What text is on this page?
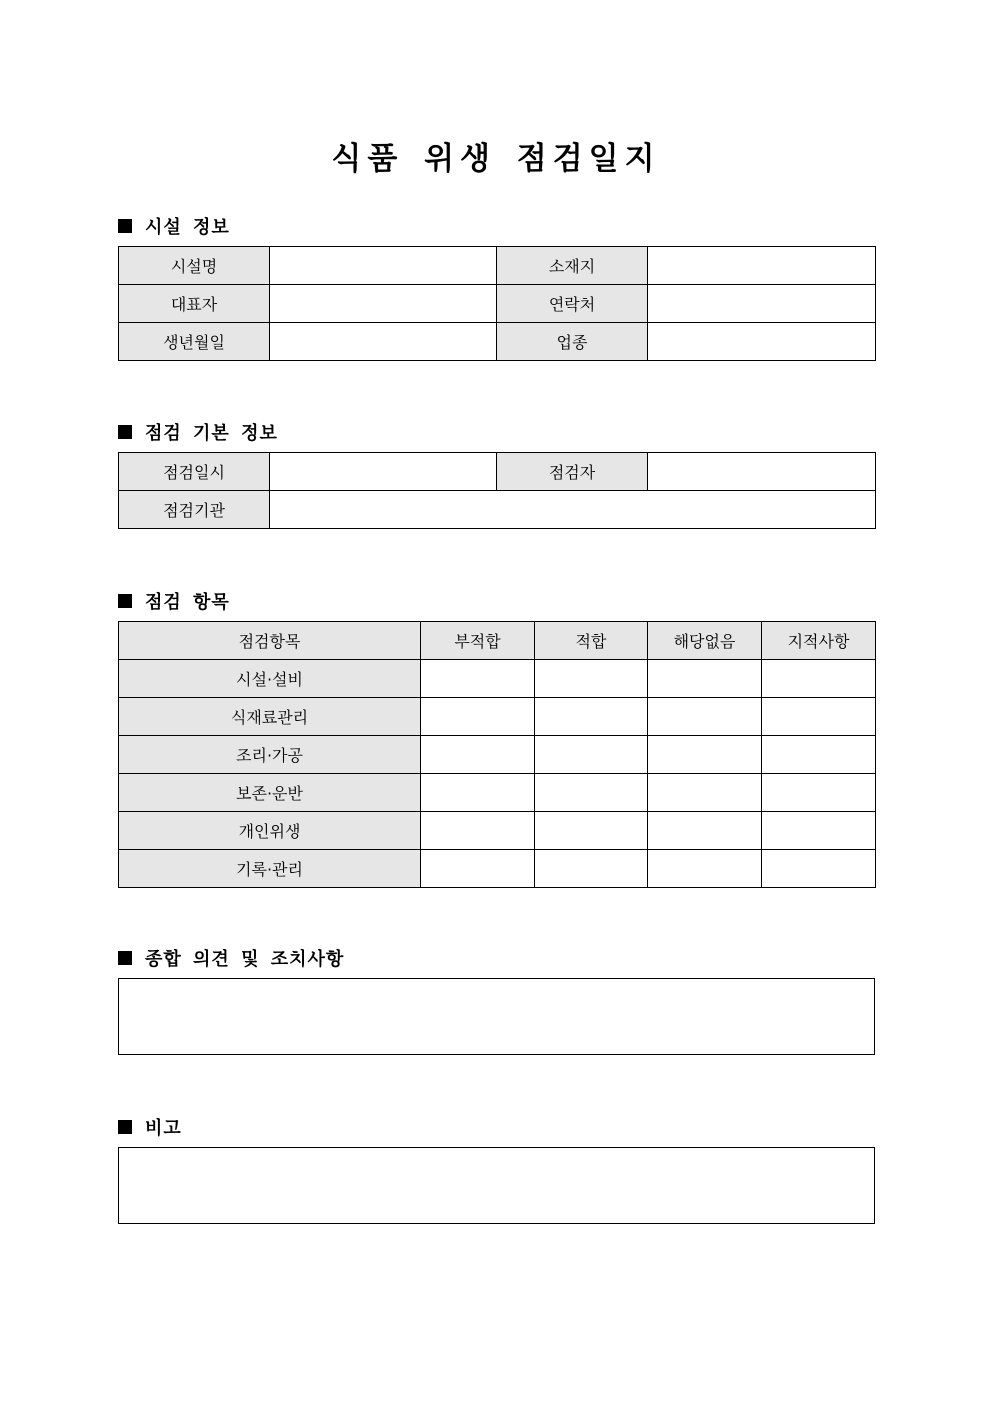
식품 위생 점검일지
시설 정보
시설명		소재지	
대표자		연락처	
생년월일		업종	
점검 기본 정보
점검일시		점검자	
점검기관			
점검 항목
점검항목	부적합	적합	해당없음	지적사항
시설·설비				
식재료관리				
조리·가공				
보존·운반				
개인위생				
기록·관리				
종합 의견 및 조치사항
비고
